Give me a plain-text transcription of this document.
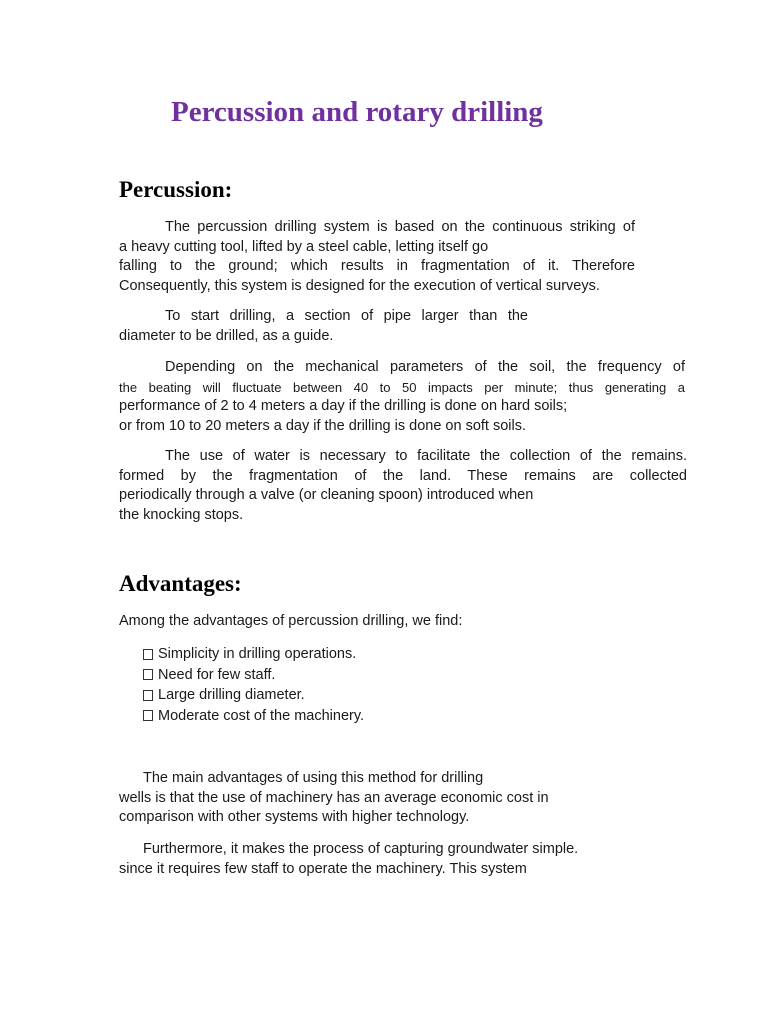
Percussion and rotary drilling
Percussion:

The percussion drilling system is based on the continuous striking of
a heavy cutting tool, lifted by a steel cable, letting itself go
falling to the ground; which results in fragmentation of it. Therefore
Consequently, this system is designed for the execution of vertical surveys.

To start drilling, a section of pipe larger than the
diameter to be drilled, as a guide.

Depending on the mechanical parameters of the soil, the frequency of
the beating will fluctuate between 40 to 50 impacts per minute; thus generating a
performance of 2 to 4 meters a day if the drilling is done on hard soils;
or from 10 to 20 meters a day if the drilling is done on soft soils.

The use of water is necessary to facilitate the collection of the remains.
formed by the fragmentation of the land. These remains are collected
periodically through a valve (or cleaning spoon) introduced when
the knocking stops.

Advantages:

Among the advantages of percussion drilling, we find:

Simplicity in drilling operations.
Need for few staff.
Large drilling diameter.
Moderate cost of the machinery.

The main advantages of using this method for drilling
wells is that the use of machinery has an average economic cost in
comparison with other systems with higher technology.

Furthermore, it makes the process of capturing groundwater simple.
since it requires few staff to operate the machinery. This system
